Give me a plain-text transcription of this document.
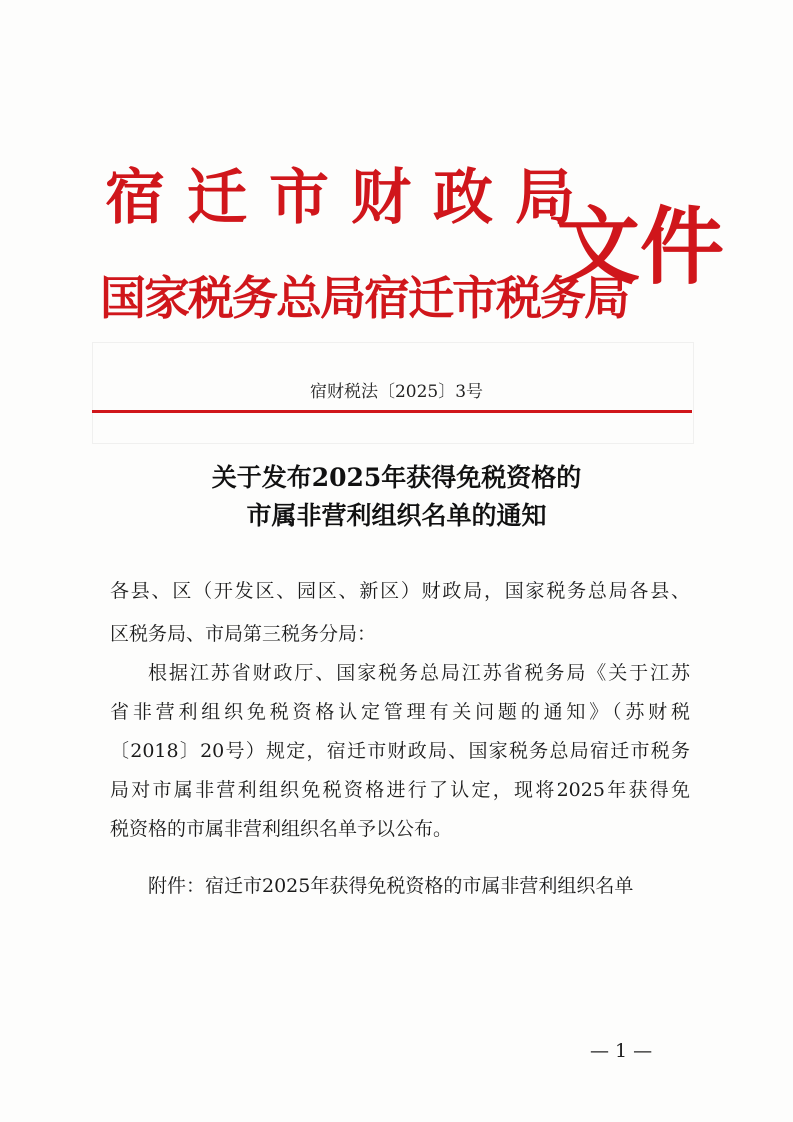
宿迁市财政局
国家税务总局宿迁市税务局
文件
宿财税法〔2025〕3号
关于发布2025年获得免税资格的
市属非营利组织名单的通知
各县、区（开发区、园区、新区）财政局，国家税务总局各县、
区税务局、市局第三税务分局：
根据江苏省财政厅、国家税务总局江苏省税务局《关于江苏
省非营利组织免税资格认定管理有关问题的通知》（苏财税
〔2018〕20号）规定，宿迁市财政局、国家税务总局宿迁市税务
局对市属非营利组织免税资格进行了认定，现将2025年获得免
税资格的市属非营利组织名单予以公布。
附件：宿迁市2025年获得免税资格的市属非营利组织名单
— 1 —
